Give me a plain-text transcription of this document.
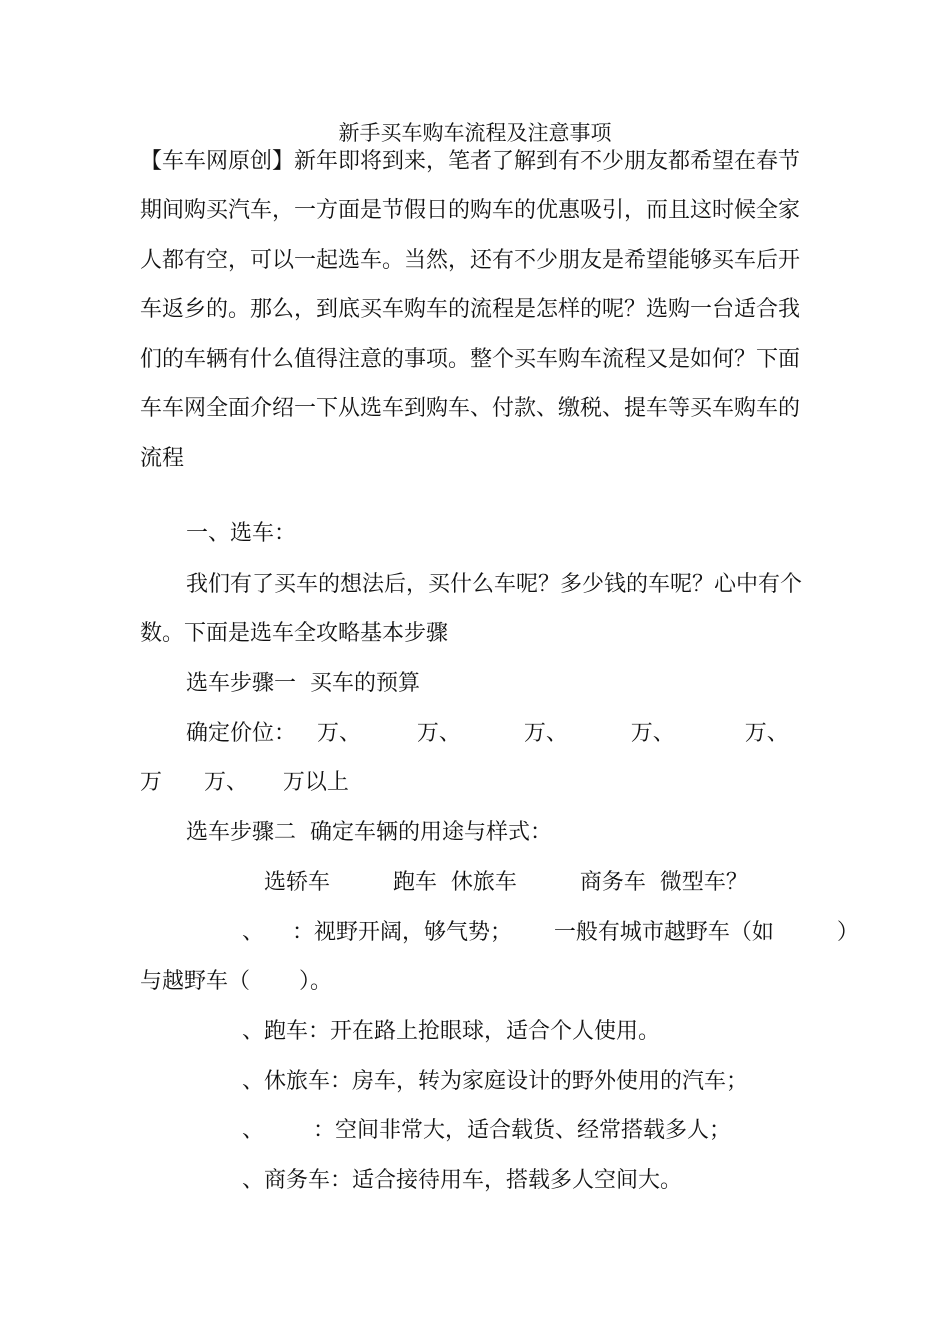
新手买车购车流程及注意事项

【车车网原创】新年即将到来，笔者了解到有不少朋友都希望在春节

期间购买汽车，一方面是节假日的购车的优惠吸引，而且这时候全家

人都有空，可以一起选车。当然，还有不少朋友是希望能够买车后开

车返乡的。那么，到底买车购车的流程是怎样的呢？选购一台适合我

们的车辆有什么值得注意的事项。整个买车购车流程又是如何？下面

车车网全面介绍一下从选车到购车、付款、缴税、提车等买车购车的

流程

一、选车：

我们有了买车的想法后，买什么车呢？多少钱的车呢？心中有个

数。下面是选车全攻略基本步骤

选车步骤一  买车的预算

确定价位：   万、        万、         万、         万、          万、

万      万、     万以上

选车步骤二  确定车辆的用途与样式：

选轿车         跑车  休旅车         商务车  微型车？

、    ：视野开阔，够气势；      一般有城市越野车（如         ）

与越野车（       ）。

、跑车：开在路上抢眼球，适合个人使用。

、休旅车：房车，转为家庭设计的野外使用的汽车；

、       ：空间非常大，适合载货、经常搭载多人；

、商务车：适合接待用车，搭载多人空间大。
